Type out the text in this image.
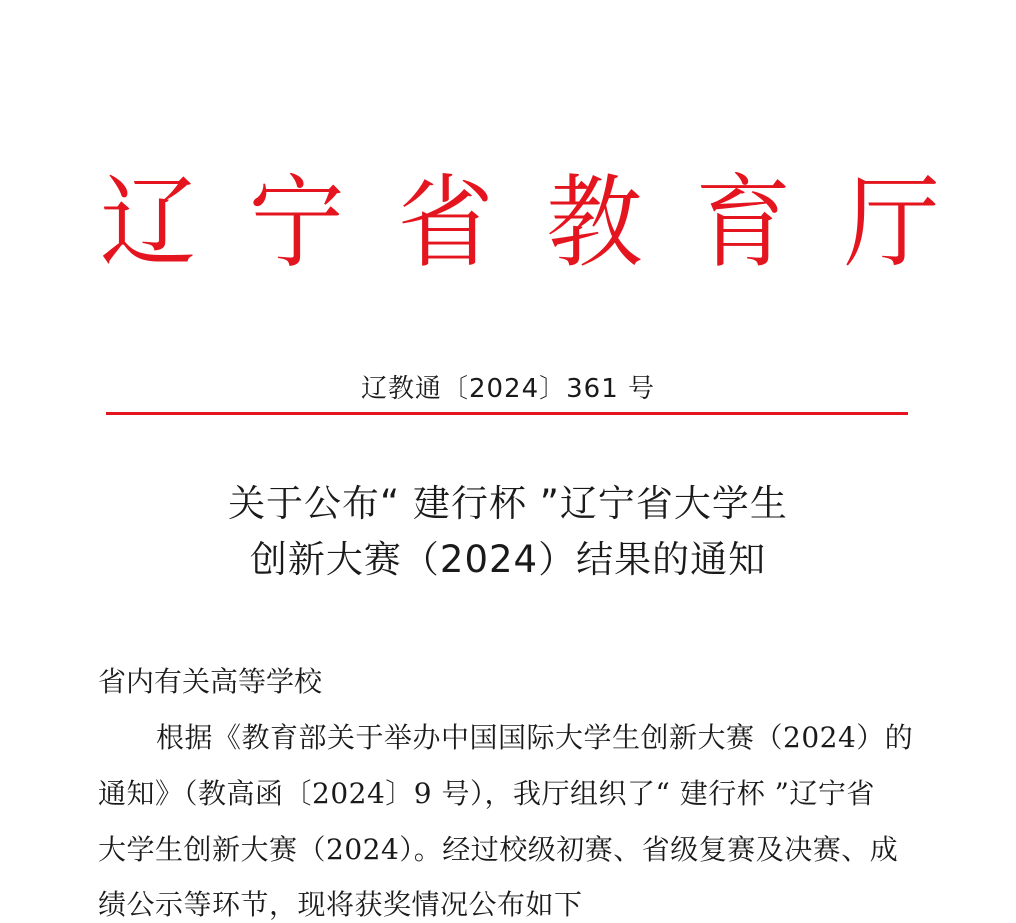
辽 宁 省 教 育 厅
辽教通〔2024〕361 号
关于公布“ 建行杯 ”辽宁省大学生
创新大赛（2024）结果的通知
省内有关高等学校
根据《教育部关于举办中国国际大学生创新大赛（2024）的
通知》（教高函〔2024〕9 号），我厅组织了“ 建行杯 ”辽宁省
大学生创新大赛（2024）。经过校级初赛、省级复赛及决赛、成
绩公示等环节，现将获奖情况公布如下
